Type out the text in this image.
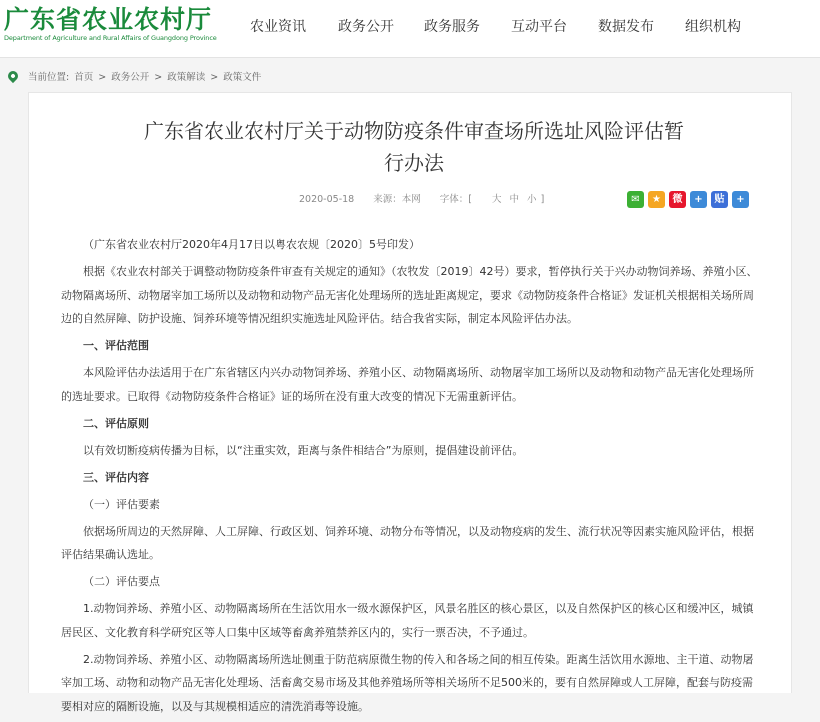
广东省农业农村厅
Department of Agriculture and Rural Affairs of Guangdong Province
农业资讯 政务公开 政务服务 互动平台 数据发布 组织机构
当前位置: 首页 > 政务公开 > 政策解读 > 政策文件
广东省农业农村厅关于动物防疫条件审查场所选址风险评估暂
行办法
2020-05-18 来源：本网 字体：[ 大 中 小 ]	✉	★	微	+	贴	+

（广东省农业农村厅2020年4月17日以粤农农规〔2020〕5号印发）

根据《农业农村部关于调整动物防疫条件审查有关规定的通知》（农牧发〔2019〕42号）要求，暂停执行关于兴办动物饲养场、养殖小区、动物隔离场所、动物屠宰加工场所以及动物和动物产品无害化处理场所的选址距离规定，要求《动物防疫条件合格证》发证机关根据相关场所周边的自然屏障、防护设施、饲养环境等情况组织实施选址风险评估。结合我省实际，制定本风险评估办法。

一、评估范围

本风险评估办法适用于在广东省辖区内兴办动物饲养场、养殖小区、动物隔离场所、动物屠宰加工场所以及动物和动物产品无害化处理场所的选址要求。已取得《动物防疫条件合格证》证的场所在没有重大改变的情况下无需重新评估。

二、评估原则

以有效切断疫病传播为目标，以“注重实效，距离与条件相结合”为原则，提倡建设前评估。

三、评估内容

（一）评估要素

依据场所周边的天然屏障、人工屏障、行政区划、饲养环境、动物分布等情况，以及动物疫病的发生、流行状况等因素实施风险评估，根据评估结果确认选址。

（二）评估要点

1.动物饲养场、养殖小区、动物隔离场所在生活饮用水一级水源保护区，风景名胜区的核心景区，以及自然保护区的核心区和缓冲区，城镇居民区、文化教育科学研究区等人口集中区域等畜禽养殖禁养区内的，实行一票否决，不予通过。

2.动物饲养场、养殖小区、动物隔离场所选址侧重于防范病原微生物的传入和各场之间的相互传染。距离生活饮用水源地、主干道、动物屠宰加工场、动物和动物产品无害化处理场、活畜禽交易市场及其他养殖场所等相关场所不足500米的，要有自然屏障或人工屏障，配套与防疫需要相对应的隔断设施，以及与其规模相适应的清洗消毒等设施。
